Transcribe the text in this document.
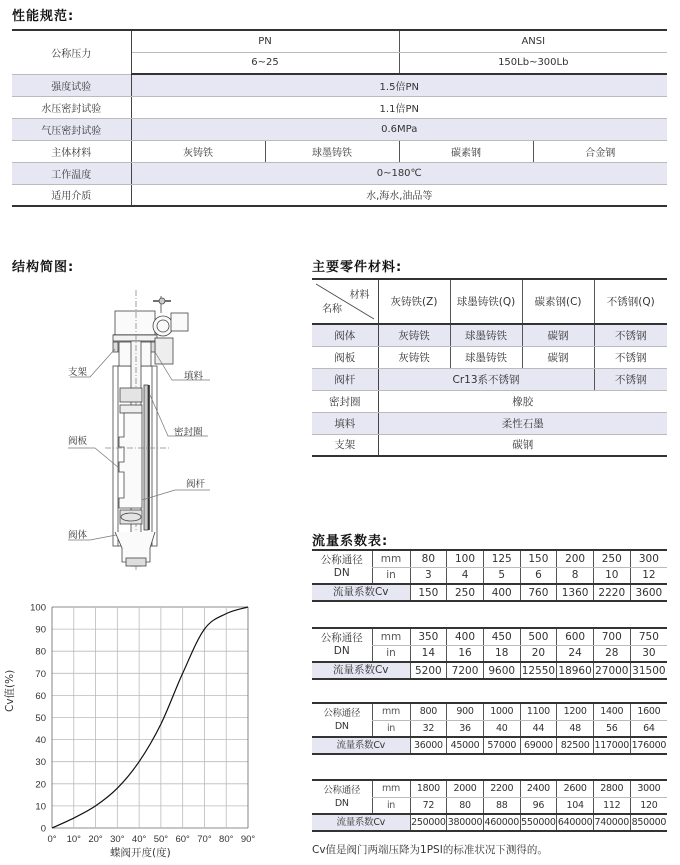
性能规范:
公称压力	PN		ANSI	
	6~25		150Lb~300Lb	
强度试验	1.5倍PN			
水压密封试验	1.1倍PN			
气压密封试验	0.6MPa			
主体材料	灰铸铁	球墨铸铁	碳素钢	合金钢
工作温度	0~180℃			
适用介质	水,海水,油品等			
结构简图:
支架	填料
密封圈
阀板
阀杆
阀体
0
10
20
30
40
50
60
70
80
90
100
0° 10° 20° 30° 40° 50° 60° 70° 80° 90°
Cv值(%)
蝶阀开度(度)
主要零件材料:
材料
名称	灰铸铁(Z)	球墨铸铁(Q)	碳素钢(C)	不锈钢(Q)
阀体	灰铸铁	球墨铸铁	碳钢	不锈钢
阀板	灰铸铁	球墨铸铁	碳钢	不锈钢
阀杆	Cr13系不锈钢			不锈钢
密封圈	橡胶			
填料	柔性石墨			
支架	碳钢			
流量系数表:
公称通径
DN	mm	80	100	125	150	200	250	300
	in	3	4	5	6	8	10	12
流量系数Cv		150	250	400	760	1360	2220	3600
公称通径
DN	mm	350	400	450	500	600	700	750
	in	14	16	18	20	24	28	30
流量系数Cv		5200	7200	9600	12550	18960	27000	31500
公称通径
DN	mm	800	900	1000	1100	1200	1400	1600
	in	32	36	40	44	48	56	64
流量系数Cv		36000	45000	57000	69000	82500	117000	176000
公称通径
DN	mm	1800	2000	2200	2400	2600	2800	3000
	in	72	80	88	96	104	112	120
流量系数Cv		250000	380000	460000	550000	640000	740000	850000
Cv值是阀门两端压降为1PSI的标准状况下测得的。
